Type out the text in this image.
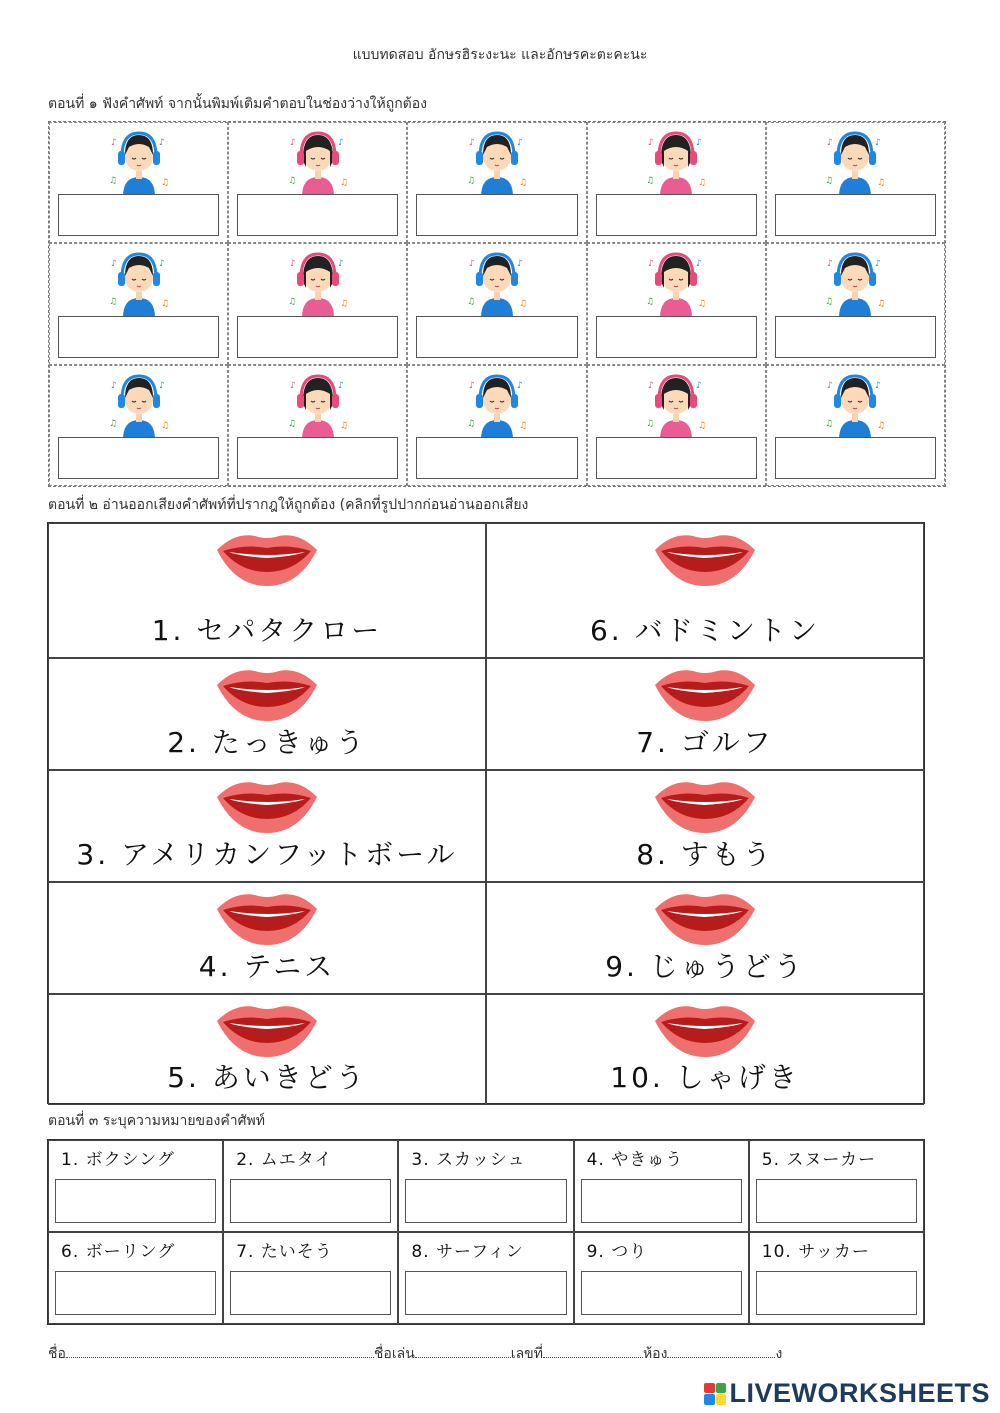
แบบทดสอบ อักษรฮิระงะนะ และอักษรคะตะคะนะ
ตอนที่ ๑ ฟังคำศัพท์ จากนั้นพิมพ์เติมคำตอบในช่องว่างให้ถูกต้อง
♪	♪
♫	♫
♪	♪
♫	♫
♪	♪
♫	♫
♪	♪
♫	♫
♪	♪
♫	♫
♪	♪
♫	♫
♪	♪
♫	♫
♪	♪
♫	♫
♪	♪
♫	♫
♪	♪
♫	♫
♪	♪
♫	♫
♪	♪
♫	♫
♪	♪
♫	♫
♪	♪
♫	♫
♪	♪
♫	♫
ตอนที่ ๒ อ่านออกเสียงคำศัพท์ที่ปรากฎให้ถูกต้อง (คลิกที่รูปปากก่อนอ่านออกเสียง
1. セパタクロー	6. バドミントン
2. たっきゅう	7. ゴルフ
3. アメリカンフットボール	8. すもう
4. テニス	9. じゅうどう
5. あいきどう	10. しゃげき
ตอนที่ ๓ ระบุความหมายของคำศัพท์
1. ボクシング	2. ムエタイ	3. スカッシュ	4. やきゅう	5. スヌーカー
6. ボーリング	7. たいそう	8. サーフィン	9. つり	10. サッカー
ชื่อ	ชื่อเล่น	เลขที่	ห้อง	ง
LIVEWORKSHEETS
